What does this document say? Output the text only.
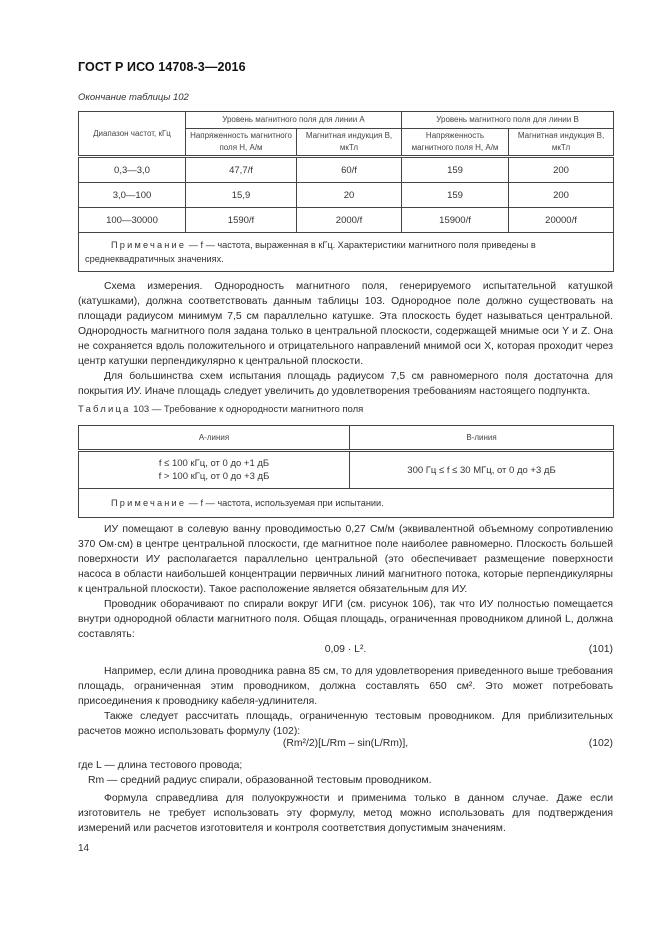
ГОСТ Р ИСО 14708-3—2016
Окончание таблицы 102
Диапазон частот, кГц	Уровень магнитного поля для линии A		Уровень магнитного поля для линии B	
	Напряженность магнитного поля H, А/м	Магнитная индукция B, мкТл	Напряженность магнитного поля H, А/м	Магнитная индукция B, мкТл
0,3—3,0	47,7/f	60/f	159	200
3,0—100	15,9	20	159	200
100—30000	1590/f	2000/f	15900/f	20000/f
Примечание — f — частота, выраженная в кГц. Характеристики магнитного поля приведены в среднеквадратичных значениях.				

Схема измерения. Однородность магнитного поля, генерируемого испытательной катушкой (катушками), должна соответствовать данным таблицы 103. Однородное поле должно существовать на площади радиусом минимум 7,5 см параллельно катушке. Эта плоскость будет называться центральной. Однородность магнитного поля задана только в центральной плоскости, содержащей мнимые оси Y и Z. Она не сохраняется вдоль положительного и отрицательного направлений мнимой оси X, которая проходит через центр катушки перпендикулярно к центральной плоскости.

Для большинства схем испытания площадь радиусом 7,5 см равномерного поля достаточна для покрытия ИУ. Иначе площадь следует увеличить до удовлетворения требованиям настоящего подпункта.

Таблица 103 — Требование к однородности магнитного поля
A-линия	B-линия

f ≤ 100 кГц, от 0 до +1 дБ
f > 100 кГц, от 0 до +3 дБ	300 Гц ≤ f ≤ 30 МГц, от 0 до +3 дБ
Примечание — f — частота, используемая при испытании.	

ИУ помещают в солевую ванну проводимостью 0,27 См/м (эквивалентной объемному сопротивлению 370 Ом·см) в центре центральной плоскости, где магнитное поле наиболее равномерно. Плоскость большей поверхности ИУ располагается параллельно центральной (это обеспечивает размещение поверхности насоса в области наибольшей концентрации первичных линий магнитного потока, которые перпендикулярны к центральной плоскости). Такое расположение является обязательным для ИУ.

Проводник оборачивают по спирали вокруг ИГИ (см. рисунок 106), так что ИУ полностью помещается внутри однородной области магнитного поля. Общая площадь, ограниченная проводником длиной L, должна составлять:

0,09 · L².	(101)

Например, если длина проводника равна 85 см, то для удовлетворения приведенного выше требования площадь, ограниченная этим проводником, должна составлять 650 см². Это может потребовать присоединения к проводнику кабеля-удлинителя.

Также следует рассчитать площадь, ограниченную тестовым проводником. Для приблизительных расчетов можно использовать формулу (102):

(Rm²/2)[L/Rm – sin(L/Rm)],	(102)

где L — длина тестового провода;

Rm — средний радиус спирали, образованной тестовым проводником.

Формула справедлива для полуокружности и применима только в данном случае. Даже если изготовитель не требует использовать эту формулу, метод можно использовать для подтверждения измерений или расчетов изготовителя и контроля соответствия допустимым значениям.

14
